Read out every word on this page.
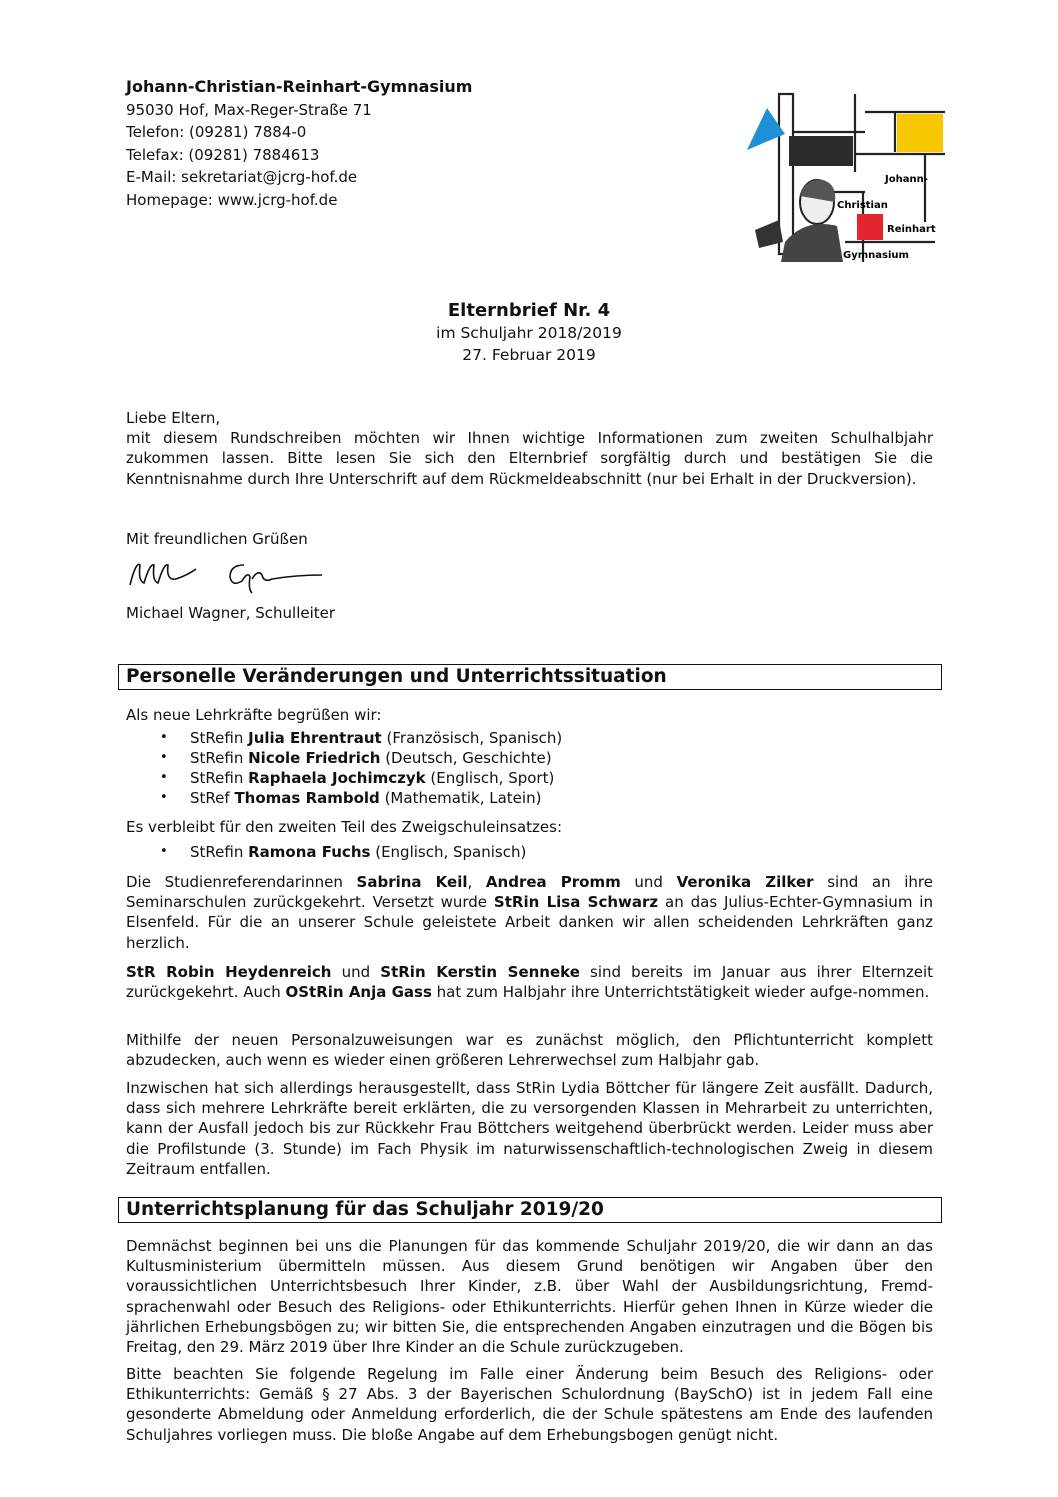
Johann-Christian-Reinhart-Gymnasium
95030 Hof, Max-Reger-Straße 71
Telefon: (09281) 7884-0
Telefax: (09281) 7884613
E-Mail: sekretariat@jcrg-hof.de
Homepage: www.jcrg-hof.de
Johann-
Christian
Reinhart
Gymnasium
Elternbrief Nr. 4
im Schuljahr 2018/2019
27. Februar 2019

Liebe Eltern,

mit diesem Rundschreiben möchten wir Ihnen wichtige Informationen zum zweiten Schulhalbjahr zukommen lassen. Bitte lesen Sie sich den Elternbrief sorgfältig durch und bestätigen Sie die Kenntnisnahme durch Ihre Unterschrift auf dem Rückmeldeabschnitt (nur bei Erhalt in der Druckversion).

Mit freundlichen Grüßen
Michael Wagner, Schulleiter
Personelle Veränderungen und Unterrichtssituation
Als neue Lehrkräfte begrüßen wir:
• StRefin Julia Ehrentraut (Französisch, Spanisch)
• StRefin Nicole Friedrich (Deutsch, Geschichte)
• StRefin Raphaela Jochimczyk (Englisch, Sport)
• StRef Thomas Rambold (Mathematik, Latein)
Es verbleibt für den zweiten Teil des Zweigschuleinsatzes:
• StRefin Ramona Fuchs (Englisch, Spanisch)

Die Studienreferendarinnen Sabrina Keil, Andrea Promm und Veronika Zilker sind an ihre Seminarschulen zurückgekehrt. Versetzt wurde StRin Lisa Schwarz an das Julius-Echter-Gymnasium in Elsenfeld. Für die an unserer Schule geleistete Arbeit danken wir allen scheidenden Lehrkräften ganz herzlich.

StR Robin Heydenreich und StRin Kerstin Senneke sind bereits im Januar aus ihrer Elternzeit zurückgekehrt. Auch OStRin Anja Gass hat zum Halbjahr ihre Unterrichtstätigkeit wieder aufge-nommen.

Mithilfe der neuen Personalzuweisungen war es zunächst möglich, den Pflichtunterricht komplett abzudecken, auch wenn es wieder einen größeren Lehrerwechsel zum Halbjahr gab.

Inzwischen hat sich allerdings herausgestellt, dass StRin Lydia Böttcher für längere Zeit ausfällt. Dadurch, dass sich mehrere Lehrkräfte bereit erklärten, die zu versorgenden Klassen in Mehrarbeit zu unterrichten, kann der Ausfall jedoch bis zur Rückkehr Frau Böttchers weitgehend überbrückt werden. Leider muss aber die Profilstunde (3. Stunde) im Fach Physik im naturwissenschaftlich-technologischen Zweig in diesem Zeitraum entfallen.

Unterrichtsplanung für das Schuljahr 2019/20

Demnächst beginnen bei uns die Planungen für das kommende Schuljahr 2019/20, die wir dann an das Kultusministerium übermitteln müssen. Aus diesem Grund benötigen wir Angaben über den voraussichtlichen Unterrichtsbesuch Ihrer Kinder, z.B. über Wahl der Ausbildungsrichtung, Fremd-sprachenwahl oder Besuch des Religions- oder Ethikunterrichts. Hierfür gehen Ihnen in Kürze wieder die jährlichen Erhebungsbögen zu; wir bitten Sie, die entsprechenden Angaben einzutragen und die Bögen bis Freitag, den 29. März 2019 über Ihre Kinder an die Schule zurückzugeben.

Bitte beachten Sie folgende Regelung im Falle einer Änderung beim Besuch des Religions- oder Ethikunterrichts: Gemäß § 27 Abs. 3 der Bayerischen Schulordnung (BaySchO) ist in jedem Fall eine gesonderte Abmeldung oder Anmeldung erforderlich, die der Schule spätestens am Ende des laufenden Schuljahres vorliegen muss. Die bloße Angabe auf dem Erhebungsbogen genügt nicht.
